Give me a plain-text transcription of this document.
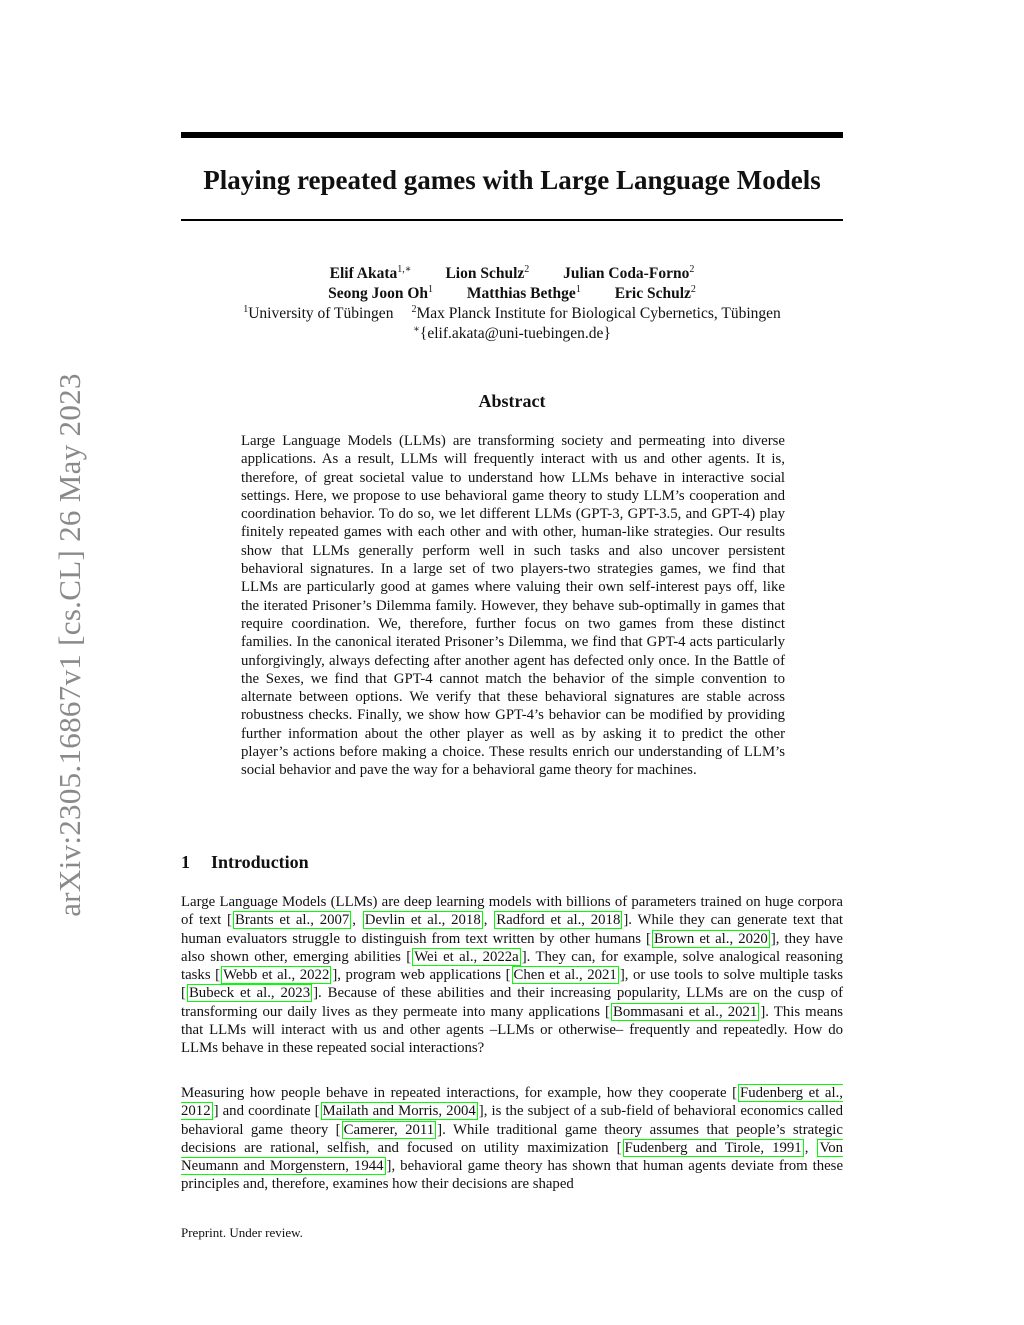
Playing repeated games with Large Language Models
Elif Akata$^{1,∗}$ Lion Schulz$^2$ Julian Coda-Forno$^2$
Seong Joon Oh$^1$ Matthias Bethge$^1$ Eric Schulz$^2$
$^1$University of Tübingen $^2$Max Planck Institute for Biological Cybernetics, Tübingen
∗{elif.akata@uni-tuebingen.de}
arXiv:2305.16867v1 [cs.CL] 26 May 2023	Abstract

Large Language Models (LLMs) are transforming society and permeating into diverse applications. As a result, LLMs will frequently interact with us and other agents. It is, therefore, of great societal value to understand how LLMs behave in interactive social settings. Here, we propose to use behavioral game theory to study LLM’s cooperation and coordination behavior. To do so, we let different LLMs (GPT-3, GPT-3.5, and GPT-4) play finitely repeated games with each other and with other, human-like strategies. Our results show that LLMs generally perform well in such tasks and also uncover persistent behavioral signatures. In a large set of two players-two strategies games, we find that LLMs are particularly good at games where valuing their own self-interest pays off, like the iterated Prisoner’s Dilemma family. However, they behave sub-optimally in games that require coordination. We, therefore, further focus on two games from these distinct families. In the canonical iterated Prisoner’s Dilemma, we find that GPT-4 acts particularly unforgivingly, always defecting after another agent has defected only once. In the Battle of the Sexes, we find that GPT-4 cannot match the behavior of the simple convention to alternate between options. We verify that these behavioral signatures are stable across robustness checks. Finally, we show how GPT-4’s behavior can be modified by providing further information about the other player as well as by asking it to predict the other player’s actions before making a choice. These results enrich our understanding of LLM’s social behavior and pave the way for a behavioral game theory for machines.

1 Introduction

Large Language Models (LLMs) are deep learning models with billions of parameters trained on huge corpora of text [ Brants et al., 2007 , Devlin et al., 2018 , Radford et al., 2018 ]. While they can generate text that human evaluators struggle to distinguish from text written by other humans [ Brown et al., 2020 ], they have also shown other, emerging abilities [ Wei et al., 2022a ]. They can, for example, solve analogical reasoning tasks [ Webb et al., 2022 ], program web applications [ Chen et al., 2021 ], or use tools to solve multiple tasks [ Bubeck et al., 2023 ]. Because of these abilities and their increasing popularity, LLMs are on the cusp of transforming our daily lives as they permeate into many applications [ Bommasani et al., 2021 ]. This means that LLMs will interact with us and other agents –LLMs or otherwise– frequently and repeatedly. How do LLMs behave in these repeated social interactions?

Measuring how people behave in repeated interactions, for example, how they cooperate [ Fudenberg et al., 2012 ] and coordinate [ Mailath and Morris, 2004 ], is the subject of a sub-field of behavioral economics called behavioral game theory [ Camerer, 2011 ]. While traditional game theory assumes that people’s strategic decisions are rational, selfish, and focused on utility maximization [ Fudenberg and Tirole, 1991 , Von Neumann and Morgenstern, 1944 ], behavioral game theory has shown that human agents deviate from these principles and, therefore, examines how their decisions are shaped

Preprint. Under review.
